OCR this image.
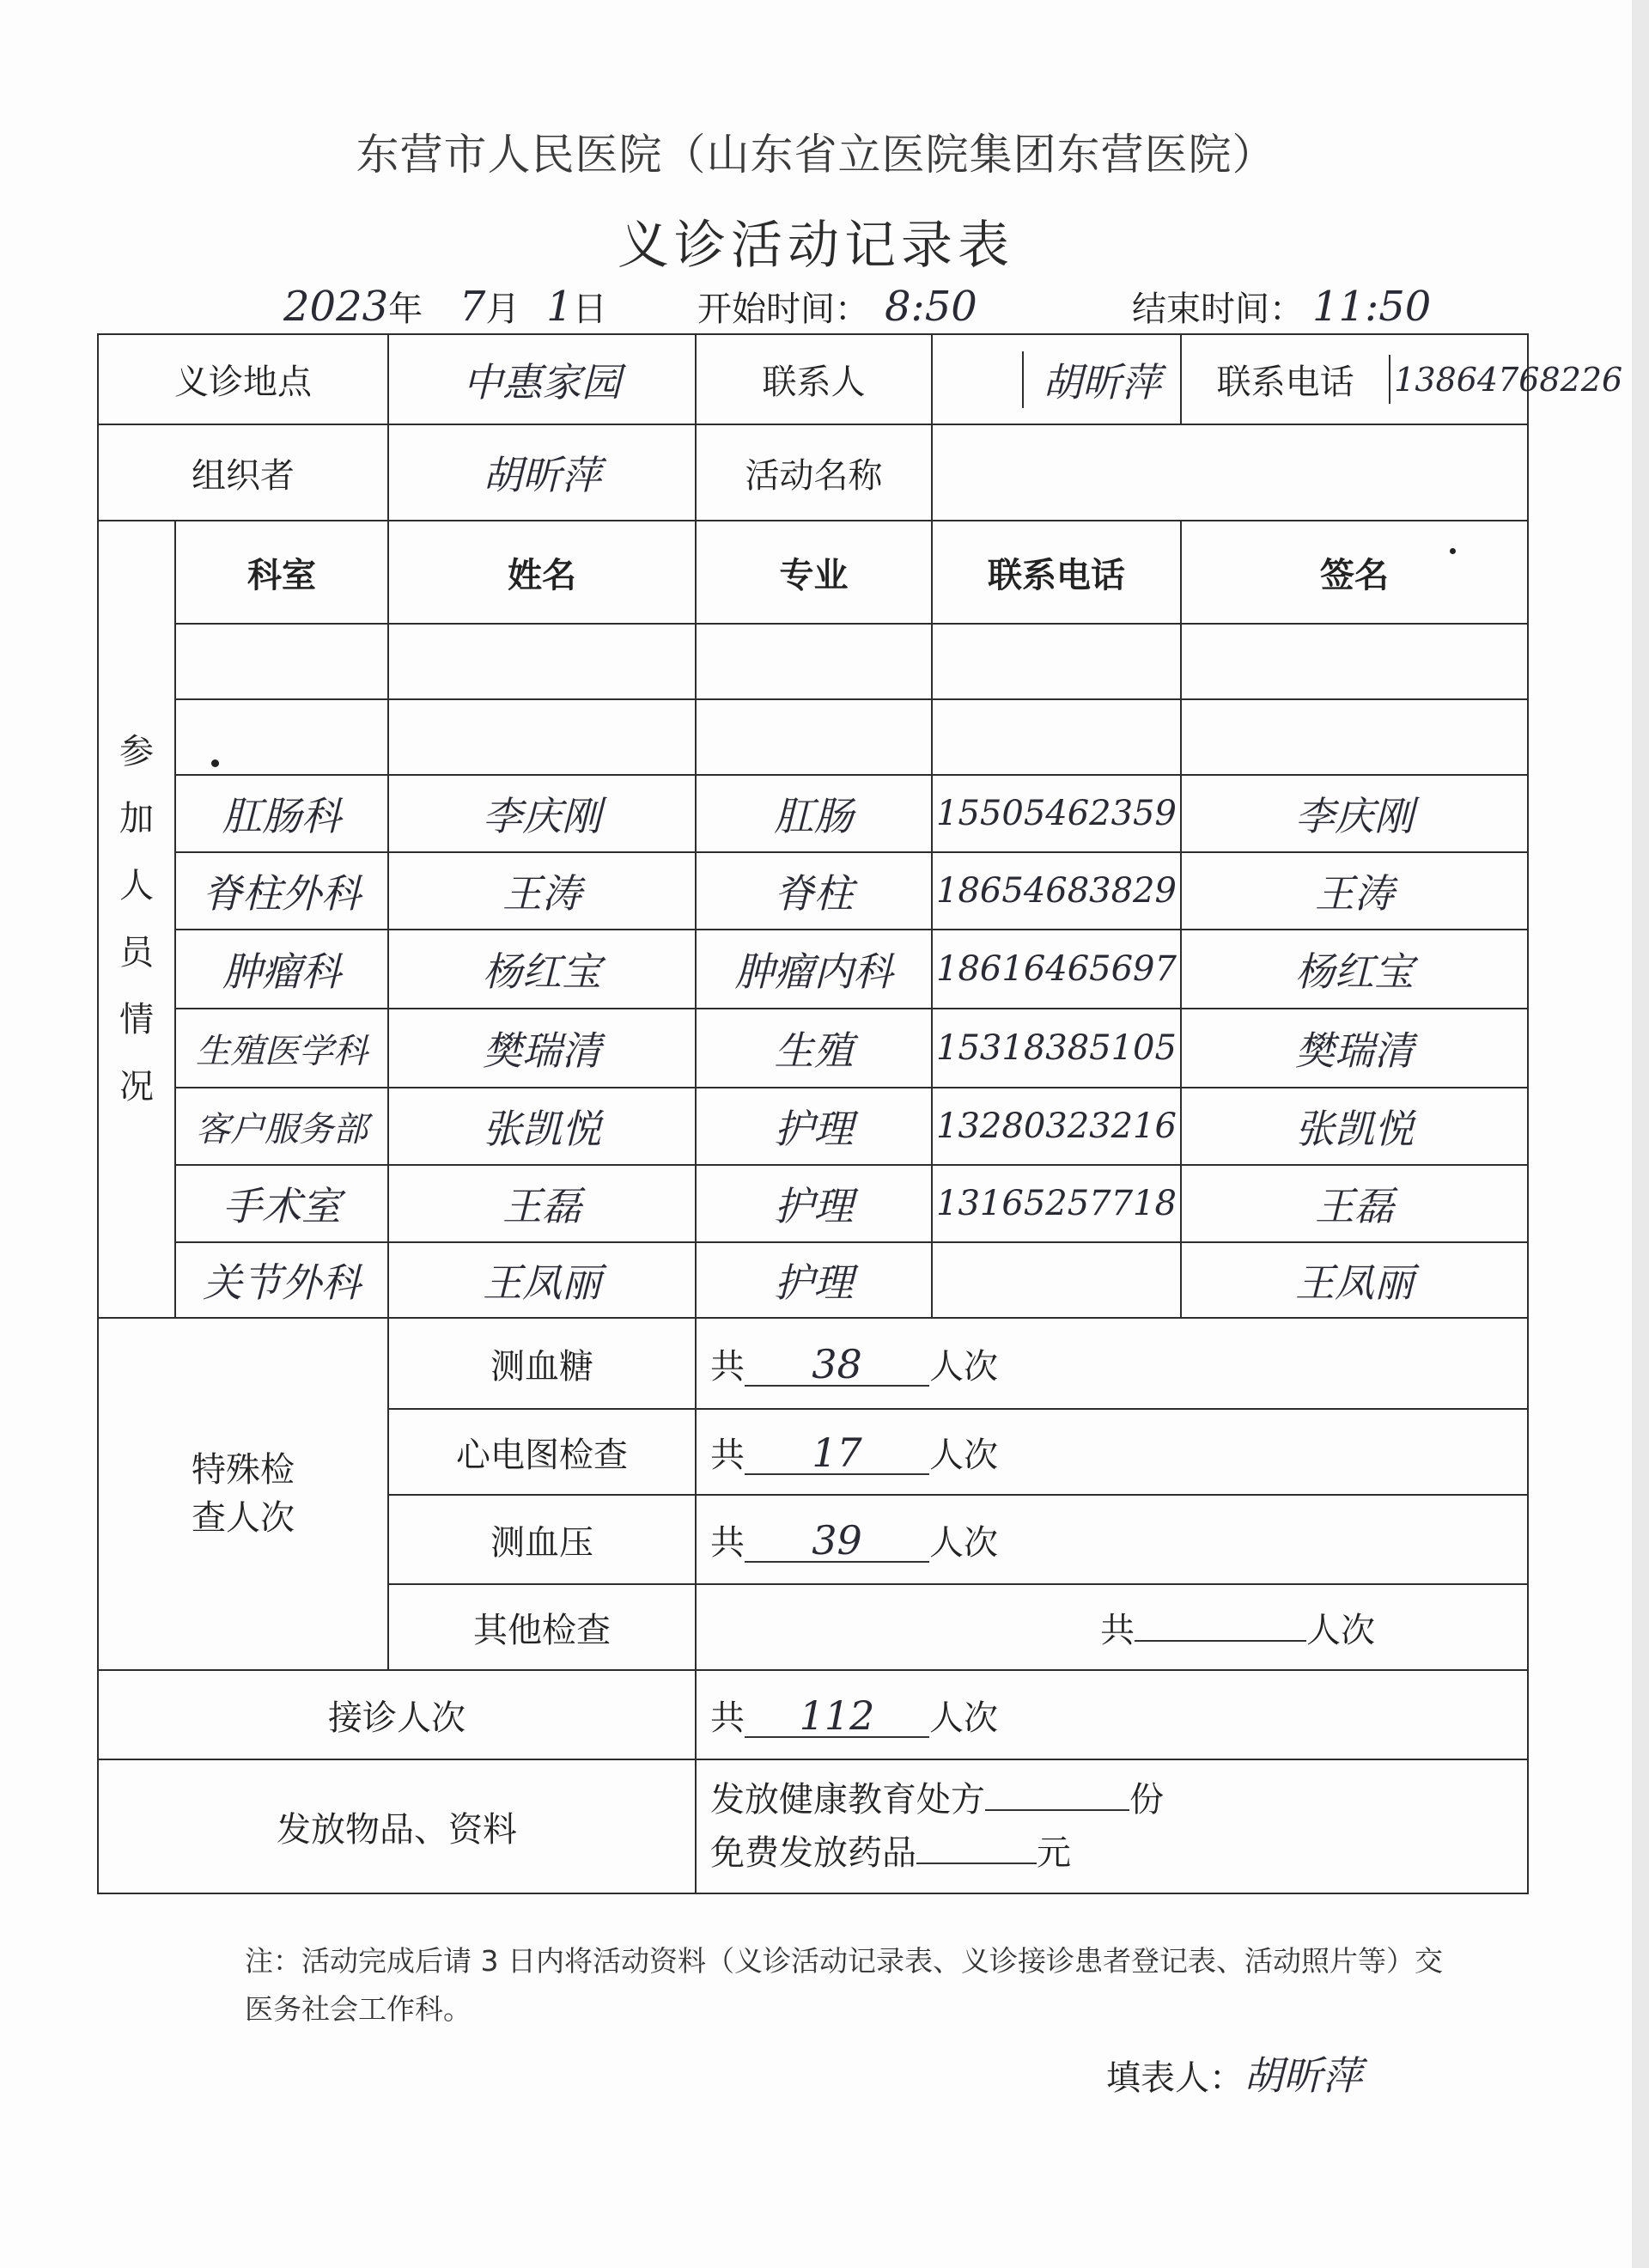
东营市人民医院（山东省立医院集团东营医院）
义诊活动记录表
2023年 7月 1日	开始时间： 8:50	结束时间： 11:50
义诊地点		中惠家园	联系人	胡昕萍	联系电话 13864768226

组织者		胡昕萍	活动名称		

参加人员情况	科室	姓名	专业	联系电话	签名

	肛肠科	李庆刚	肛肠	15505462359	李庆刚
	脊柱外科	王涛	脊柱	18654683829	王涛
	肿瘤科	杨红宝	肿瘤内科	18616465697	杨红宝
	生殖医学科	樊瑞清	生殖	15318385105	樊瑞清
	客户服务部	张凯悦	护理	13280323216	张凯悦
	手术室	王磊	护理	13165257718	王磊
	关节外科	王凤丽	护理		王凤丽

特殊检
查人次		测血糖	共 38 人次		
		心电图检查	共 17 人次		
		测血压	共 39 人次		
		其他检查	共 人次		
接诊人次			共 112 人次		
发放物品、资料			发放健康教育处方 份
免费发放药品 元		
注：活动完成后请 3 日内将活动资料（义诊活动记录表、义诊接诊患者登记表、活动照片等）交医务社会工作科。
填表人：胡昕萍
